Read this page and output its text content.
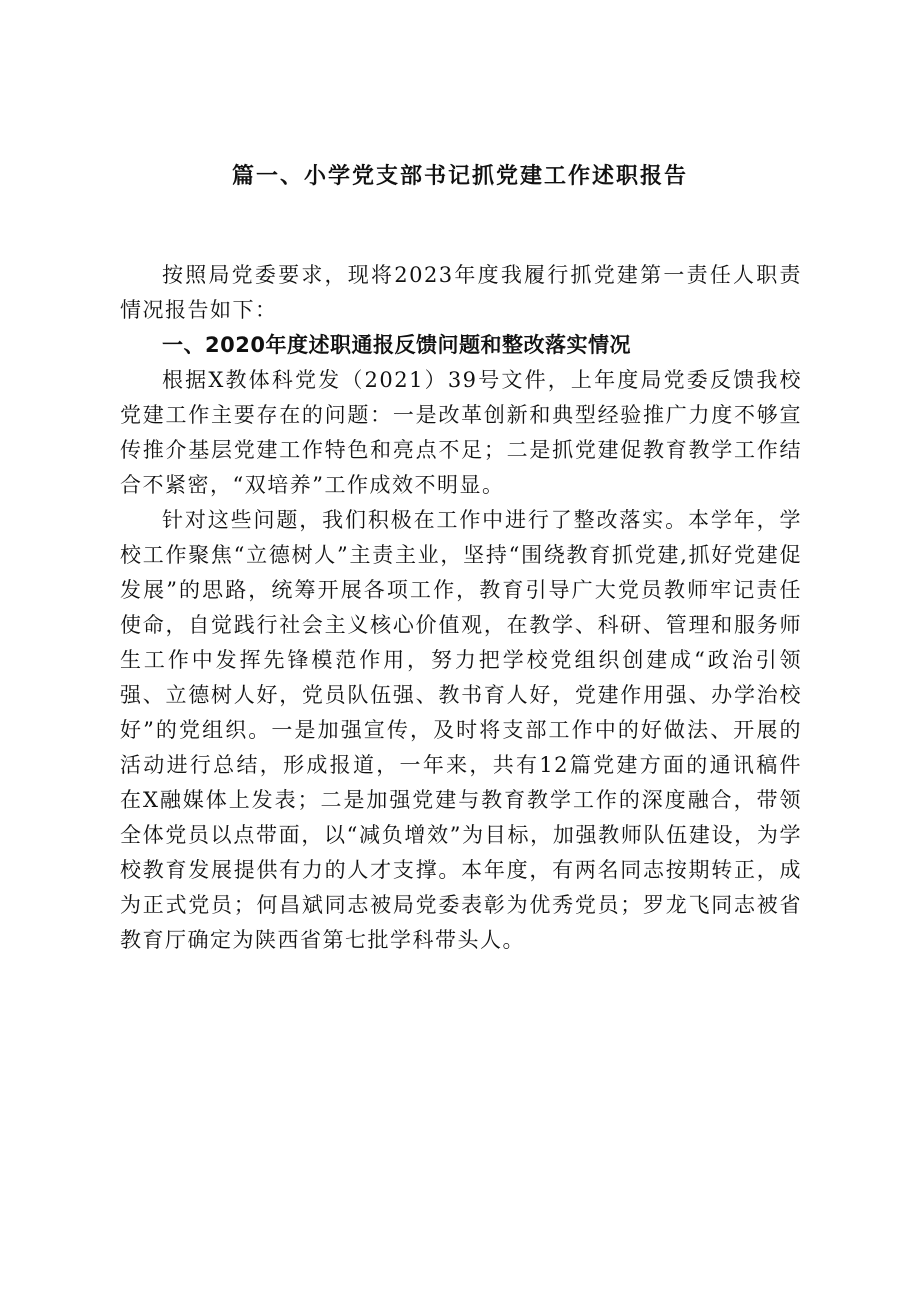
篇一、小学党支部书记抓党建工作述职报告

按照局党委要求，现将2023年度我履行抓党建第一责任人职责情况报告如下：

一、2020年度述职通报反馈问题和整改落实情况

根据X教体科党发（2021）39号文件，上年度局党委反馈我校党建工作主要存在的问题：一是改革创新和典型经验推广力度不够宣传推介基层党建工作特色和亮点不足；二是抓党建促教育教学工作结合不紧密，“双培养”工作成效不明显。

针对这些问题，我们积极在工作中进行了整改落实。本学年，学校工作聚焦“立德树人”主责主业，坚持“围绕教育抓党建,抓好党建促发展”的思路，统筹开展各项工作，教育引导广大党员教师牢记责任使命，自觉践行社会主义核心价值观，在教学、科研、管理和服务师生工作中发挥先锋模范作用，努力把学校党组织创建成“政治引领强、立德树人好，党员队伍强、教书育人好，党建作用强、办学治校好”的党组织。一是加强宣传，及时将支部工作中的好做法、开展的活动进行总结，形成报道，一年来，共有12篇党建方面的通讯稿件在X融媒体上发表；二是加强党建与教育教学工作的深度融合，带领全体党员以点带面，以“减负增效”为目标，加强教师队伍建设，为学校教育发展提供有力的人才支撑。本年度，有两名同志按期转正，成为正式党员；何昌斌同志被局党委表彰为优秀党员；罗龙飞同志被省教育厅确定为陕西省第七批学科带头人。
